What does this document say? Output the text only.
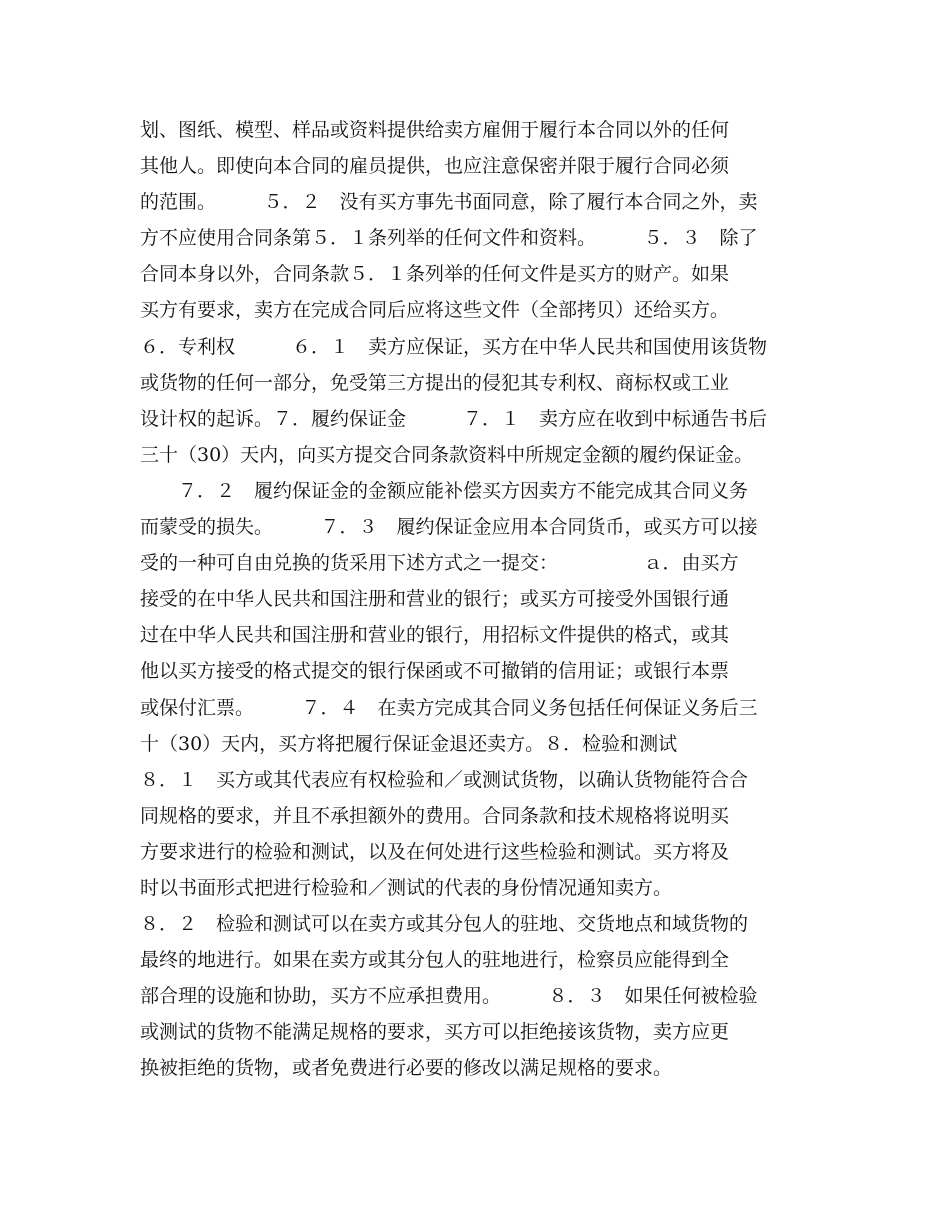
划、图纸、模型、样品或资料提供给卖方雇佣于履行本合同以外的任何
其他人。即使向本合同的雇员提供，也应注意保密并限于履行合同必须
的范围。　　　５．２　没有买方事先书面同意，除了履行本合同之外，卖
方不应使用合同条第５．１条列举的任何文件和资料。　　　５．３　除了
合同本身以外，合同条款５．１条列举的任何文件是买方的财产。如果
买方有要求，卖方在完成合同后应将这些文件（全部拷贝）还给买方。
６．专利权　　　６．１　卖方应保证，买方在中华人民共和国使用该货物
或货物的任何一部分，免受第三方提出的侵犯其专利权、商标权或工业
设计权的起诉。７．履约保证金　　　７．１　卖方应在收到中标通告书后
三十（30）天内，向买方提交合同条款资料中所规定金额的履约保证金。
　　７．２　履约保证金的金额应能补偿买方因卖方不能完成其合同义务
而蒙受的损失。　　　７．３　履约保证金应用本合同货币，或买方可以接
受的一种可自由兑换的货采用下述方式之一提交：　　　　　ａ．由买方
接受的在中华人民共和国注册和营业的银行；或买方可接受外国银行通
过在中华人民共和国注册和营业的银行，用招标文件提供的格式，或其
他以买方接受的格式提交的银行保函或不可撤销的信用证；或银行本票
或保付汇票。　　　７．４　在卖方完成其合同义务包括任何保证义务后三
十（30）天内，买方将把履行保证金退还卖方。８．检验和测试
８．１　买方或其代表应有权检验和／或测试货物，以确认货物能符合合
同规格的要求，并且不承担额外的费用。合同条款和技术规格将说明买
方要求进行的检验和测试，以及在何处进行这些检验和测试。买方将及
时以书面形式把进行检验和／测试的代表的身份情况通知卖方。
８．２　检验和测试可以在卖方或其分包人的驻地、交货地点和域货物的
最终的地进行。如果在卖方或其分包人的驻地进行，检察员应能得到全
部合理的设施和协助，买方不应承担费用。　　　８．３　如果任何被检验
或测试的货物不能满足规格的要求，买方可以拒绝接该货物，卖方应更
换被拒绝的货物，或者免费进行必要的修改以满足规格的要求。
